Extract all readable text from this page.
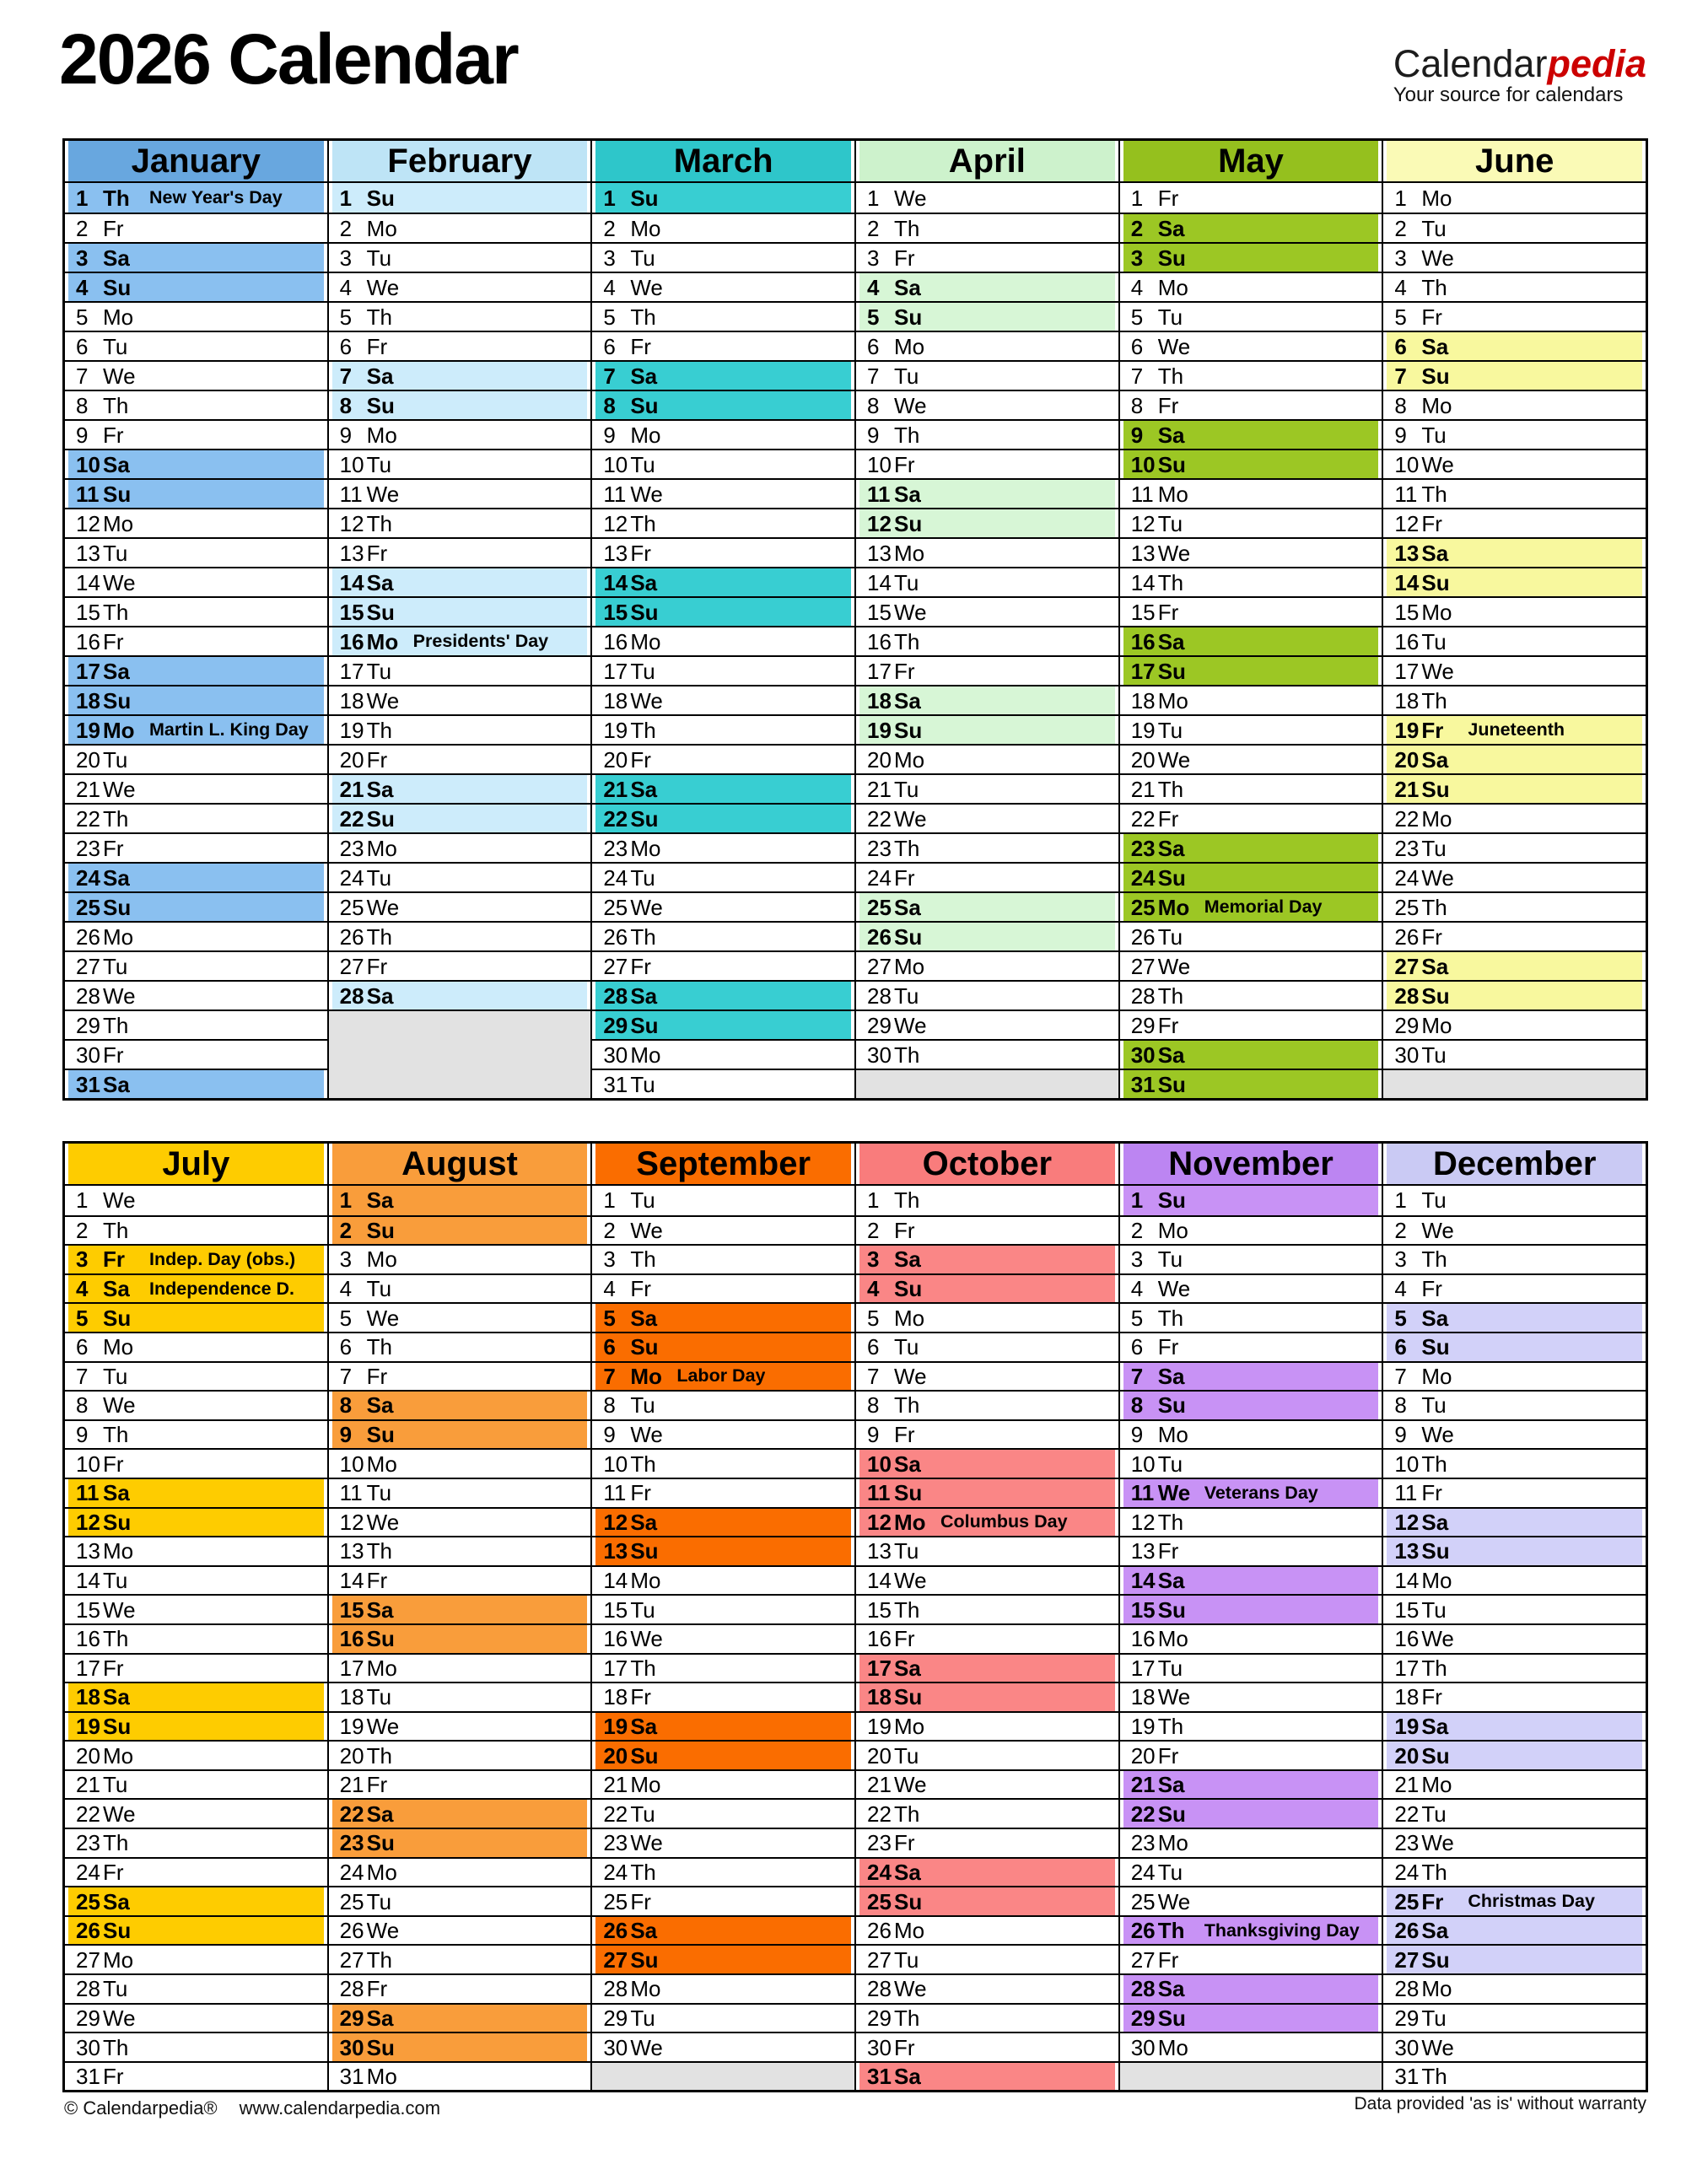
2026 Calendar	Calendarpedia
Your source for calendars
January
1 Th	New Year's Day
2 Fr
3 Sa
4 Su
5 Mo
6 Tu
7 We
8 Th
9 Fr
10 Sa
11 Su
12 Mo
13 Tu
14 We
15 Th
16 Fr
17 Sa
18 Su
19 Mo Martin L. King Day
20 Tu
21 We
22 Th
23 Fr
24 Sa
25 Su
26 Mo
27 Tu
28 We
29 Th
30 Fr
31 Sa
February
1 Su
2 Mo
3 Tu
4 We
5 Th
6 Fr
7 Sa
8 Su
9 Mo
10 Tu
11 We
12 Th
13 Fr
14 Sa
15 Su
16 Mo Presidents' Day
17 Tu
18 We
19 Th
20 Fr
21 Sa
22 Su
23 Mo
24 Tu
25 We
26 Th
27 Fr
28 Sa
March
1 Su
2 Mo
3 Tu
4 We
5 Th
6 Fr
7 Sa
8 Su
9 Mo
10 Tu
11 We
12 Th
13 Fr
14 Sa
15 Su
16 Mo
17 Tu
18 We
19 Th
20 Fr
21 Sa
22 Su
23 Mo
24 Tu
25 We
26 Th
27 Fr
28 Sa
29 Su
30 Mo
31 Tu
April
1 We
2 Th
3 Fr
4 Sa
5 Su
6 Mo
7 Tu
8 We
9 Th
10 Fr
11 Sa
12 Su
13 Mo
14 Tu
15 We
16 Th
17 Fr
18 Sa
19 Su
20 Mo
21 Tu
22 We
23 Th
24 Fr
25 Sa
26 Su
27 Mo
28 Tu
29 We
30 Th
May
1 Fr
2 Sa
3 Su
4 Mo
5 Tu
6 We
7 Th
8 Fr
9 Sa
10 Su
11 Mo
12 Tu
13 We
14 Th
15 Fr
16 Sa
17 Su
18 Mo
19 Tu
20 We
21 Th
22 Fr
23 Sa
24 Su
25 Mo Memorial Day
26 Tu
27 We
28 Th
29 Fr
30 Sa
31 Su
June
1 Mo
2 Tu
3 We
4 Th
5 Fr
6 Sa
7 Su
8 Mo
9 Tu
10 We
11 Th
12 Fr
13 Sa
14 Su
15 Mo
16 Tu
17 We
18 Th
19 Fr	Juneteenth
20 Sa
21 Su
22 Mo
23 Tu
24 We
25 Th
26 Fr
27 Sa
28 Su
29 Mo
30 Tu
July
1 We
2 Th
3 Fr	Indep. Day (obs.)
4 Sa	Independence D.
5 Su
6 Mo
7 Tu
8 We
9 Th
10 Fr
11 Sa
12 Su
13 Mo
14 Tu
15 We
16 Th
17 Fr
18 Sa
19 Su
20 Mo
21 Tu
22 We
23 Th
24 Fr
25 Sa
26 Su
27 Mo
28 Tu
29 We
30 Th
31 Fr
August
1 Sa
2 Su
3 Mo
4 Tu
5 We
6 Th
7 Fr
8 Sa
9 Su
10 Mo
11 Tu
12 We
13 Th
14 Fr
15 Sa
16 Su
17 Mo
18 Tu
19 We
20 Th
21 Fr
22 Sa
23 Su
24 Mo
25 Tu
26 We
27 Th
28 Fr
29 Sa
30 Su
31 Mo
September
1 Tu
2 We
3 Th
4 Fr
5 Sa
6 Su
7 Mo Labor Day
8 Tu
9 We
10 Th
11 Fr
12 Sa
13 Su
14 Mo
15 Tu
16 We
17 Th
18 Fr
19 Sa
20 Su
21 Mo
22 Tu
23 We
24 Th
25 Fr
26 Sa
27 Su
28 Mo
29 Tu
30 We
October
1 Th
2 Fr
3 Sa
4 Su
5 Mo
6 Tu
7 We
8 Th
9 Fr
10 Sa
11 Su
12 Mo Columbus Day
13 Tu
14 We
15 Th
16 Fr
17 Sa
18 Su
19 Mo
20 Tu
21 We
22 Th
23 Fr
24 Sa
25 Su
26 Mo
27 Tu
28 We
29 Th
30 Fr
31 Sa
November
1 Su
2 Mo
3 Tu
4 We
5 Th
6 Fr
7 Sa
8 Su
9 Mo
10 Tu
11 We Veterans Day
12 Th
13 Fr
14 Sa
15 Su
16 Mo
17 Tu
18 We
19 Th
20 Fr
21 Sa
22 Su
23 Mo
24 Tu
25 We
26 Th	Thanksgiving Day
27 Fr
28 Sa
29 Su
30 Mo
December
1 Tu
2 We
3 Th
4 Fr
5 Sa
6 Su
7 Mo
8 Tu
9 We
10 Th
11 Fr
12 Sa
13 Su
14 Mo
15 Tu
16 We
17 Th
18 Fr
19 Sa
20 Su
21 Mo
22 Tu
23 We
24 Th
25 Fr	Christmas Day
26 Sa
27 Su
28 Mo
29 Tu
30 We
31 Th
© Calendarpedia® www.calendarpedia.com	Data provided 'as is' without warranty
